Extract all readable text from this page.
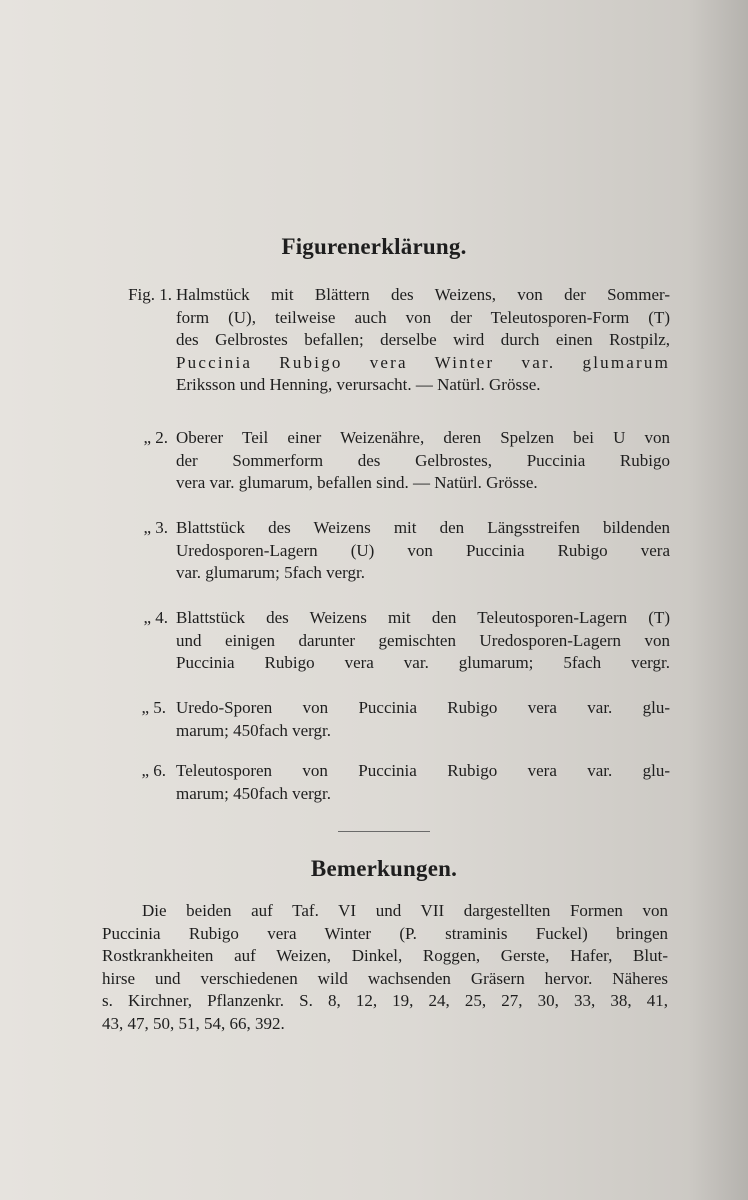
Figurenerklärung.
Fig. 1. Halmstück mit Blättern des Weizens, von der Sommer-
form (U), teilweise auch von der Teleutosporen-Form (T)
des Gelbrostes befallen; derselbe wird durch einen Rostpilz,
Puccinia Rubigo vera Winter var. glumarum
Eriksson und Henning, verursacht. — Natürl. Grösse.
„ 2. Oberer Teil einer Weizenähre, deren Spelzen bei U von
der Sommerform des Gelbrostes, Puccinia Rubigo
vera var. glumarum, befallen sind. — Natürl. Grösse.
„ 3. Blattstück des Weizens mit den Längsstreifen bildenden
Uredosporen-Lagern (U) von Puccinia Rubigo vera
var. glumarum; 5fach vergr.
„ 4. Blattstück des Weizens mit den Teleutosporen-Lagern (T)
und einigen darunter gemischten Uredosporen-Lagern von
Puccinia Rubigo vera var. glumarum; 5fach vergr.
„ 5. Uredo-Sporen von Puccinia Rubigo vera var. glu-
marum; 450fach vergr.
„ 6. Teleutosporen von Puccinia Rubigo vera var. glu-
marum; 450fach vergr.
Bemerkungen.
Die beiden auf Taf. VI und VII dargestellten Formen von
Puccinia Rubigo vera Winter (P. straminis Fuckel) bringen
Rostkrankheiten auf Weizen, Dinkel, Roggen, Gerste, Hafer, Blut-
hirse und verschiedenen wild wachsenden Gräsern hervor. Näheres
s. Kirchner, Pflanzenkr. S. 8, 12, 19, 24, 25, 27, 30, 33, 38, 41,
43, 47, 50, 51, 54, 66, 392.
